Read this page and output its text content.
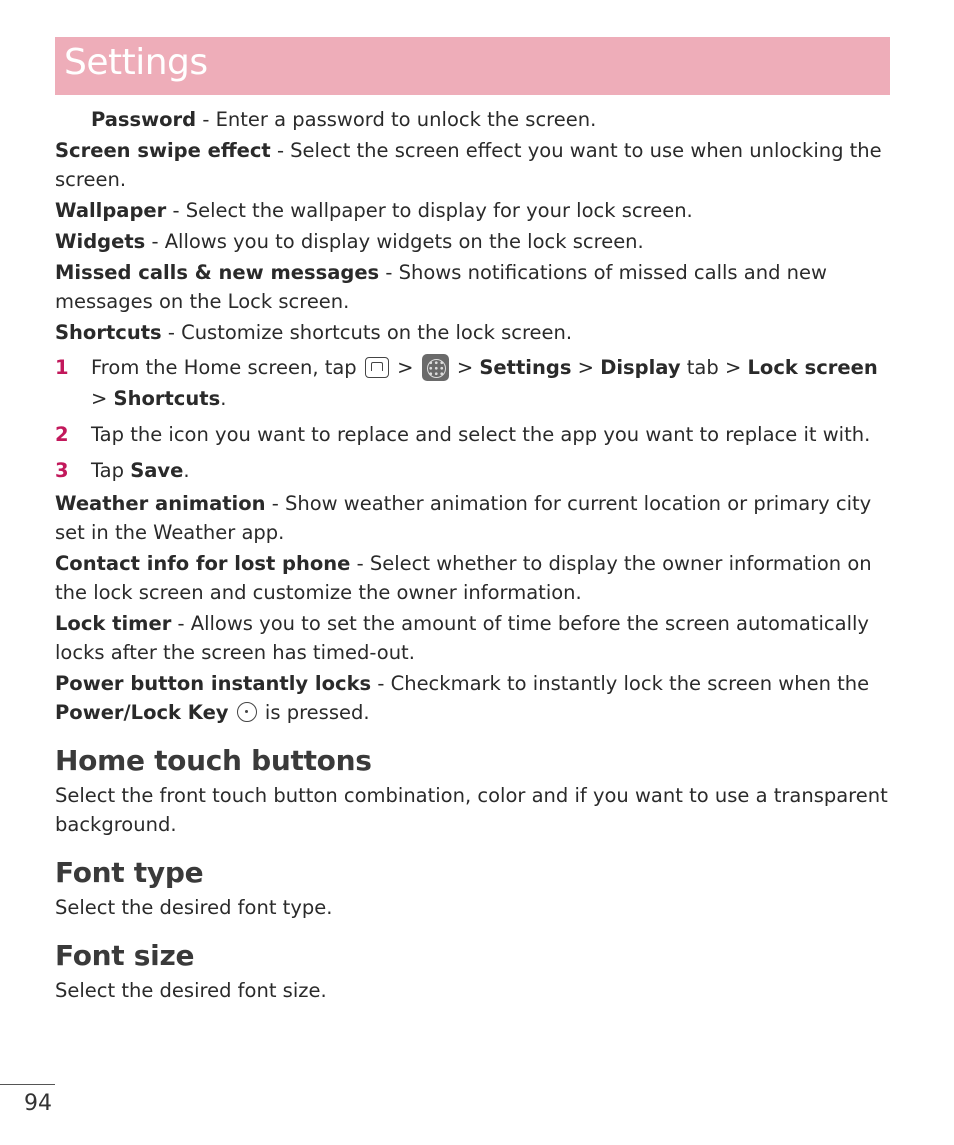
Settings
Password - Enter a password to unlock the screen.
Screen swipe effect - Select the screen effect you want to use when unlocking the screen.
Wallpaper - Select the wallpaper to display for your lock screen.
Widgets - Allows you to display widgets on the lock screen.
Missed calls & new messages - Shows notifications of missed calls and new messages on the Lock screen.
Shortcuts - Customize shortcuts on the lock screen.
1 From the Home screen, tap  >  > Settings > Display tab > Lock screen
> Shortcuts.
2 Tap the icon you want to replace and select the app you want to replace it with.
3 Tap Save.
Weather animation - Show weather animation for current location or primary city set in the Weather app.
Contact info for lost phone - Select whether to display the owner information on the lock screen and customize the owner information.
Lock timer - Allows you to set the amount of time before the screen automatically locks after the screen has timed-out.
Power button instantly locks - Checkmark to instantly lock the screen when the Power/Lock Key  is pressed.
Home touch buttons
Select the front touch button combination, color and if you want to use a transparent background.
Font type
Select the desired font type.
Font size
Select the desired font size.
94
